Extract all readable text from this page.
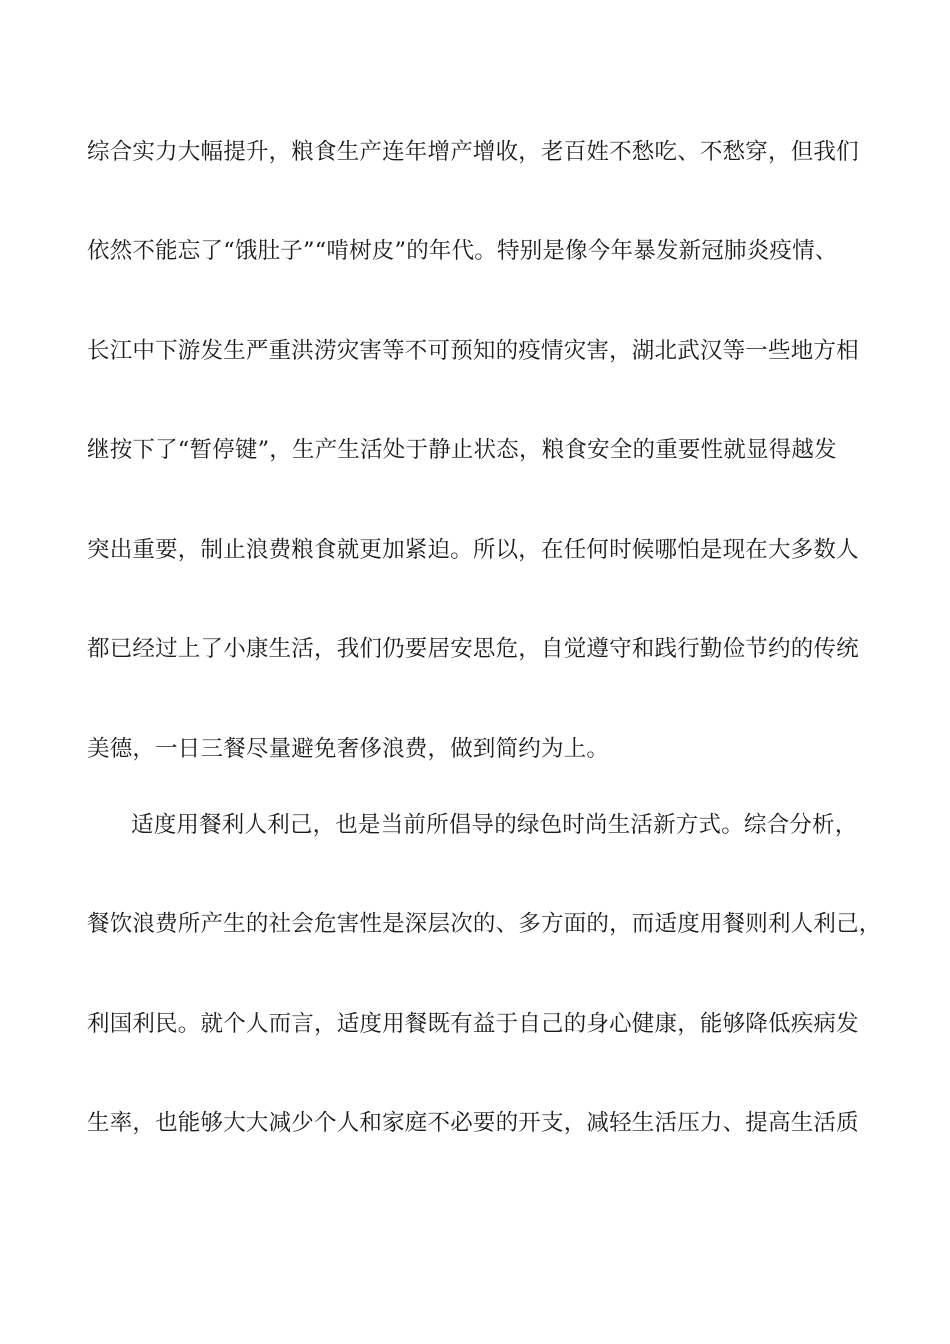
综合实力大幅提升，粮食生产连年增产增收，老百姓不愁吃、不愁穿，但我们
依然不能忘了“饿肚子”“啃树皮”的年代。特别是像今年暴发新冠肺炎疫情、
长江中下游发生严重洪涝灾害等不可预知的疫情灾害，湖北武汉等一些地方相
继按下了“暂停键”，生产生活处于静止状态，粮食安全的重要性就显得越发
突出重要，制止浪费粮食就更加紧迫。所以，在任何时候哪怕是现在大多数人
都已经过上了小康生活，我们仍要居安思危，自觉遵守和践行勤俭节约的传统
美德，一日三餐尽量避免奢侈浪费，做到简约为上。
适度用餐利人利己，也是当前所倡导的绿色时尚生活新方式。综合分析，
餐饮浪费所产生的社会危害性是深层次的、多方面的，而适度用餐则利人利己，
利国利民。就个人而言，适度用餐既有益于自己的身心健康，能够降低疾病发
生率，也能够大大减少个人和家庭不必要的开支，减轻生活压力、提高生活质
